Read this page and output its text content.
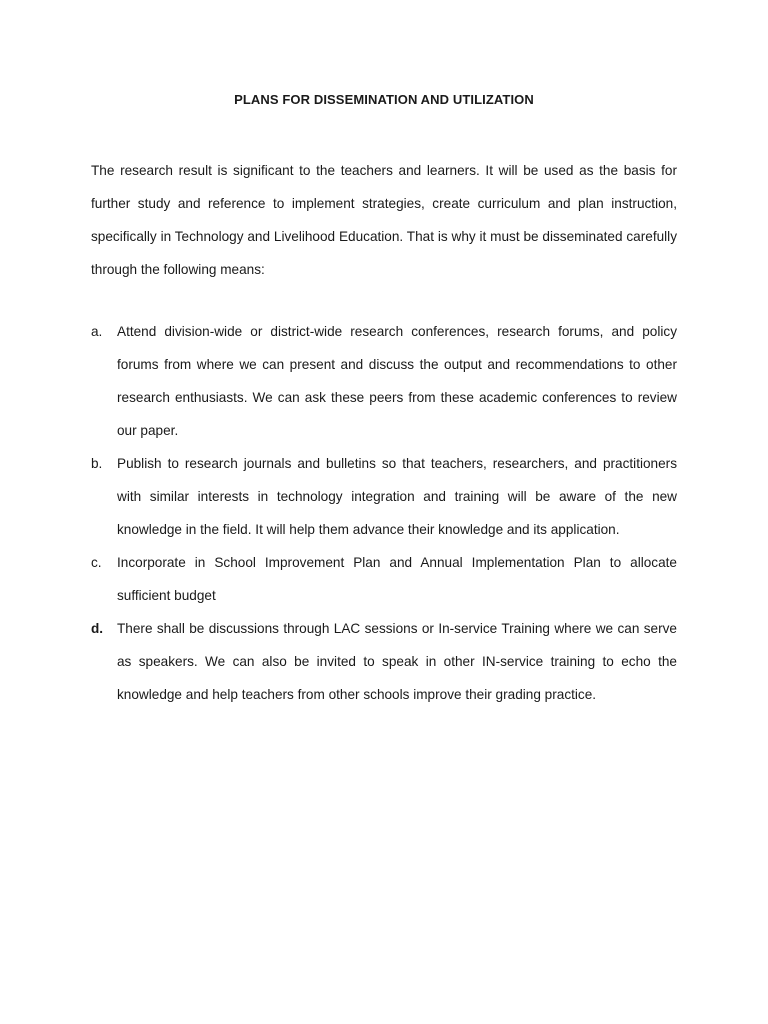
PLANS FOR DISSEMINATION AND UTILIZATION

The research result is significant to the teachers and learners. It will be used as the basis for further study and reference to implement strategies, create curriculum and plan instruction, specifically in Technology and Livelihood Education. That is why it must be disseminated carefully through the following means:

a. Attend division-wide or district-wide research conferences, research forums, and policy forums from where we can present and discuss the output and recommendations to other research enthusiasts. We can ask these peers from these academic conferences to review our paper.
b. Publish to research journals and bulletins so that teachers, researchers, and practitioners with similar interests in technology integration and training will be aware of the new knowledge in the field. It will help them advance their knowledge and its application.
c. Incorporate in School Improvement Plan and Annual Implementation Plan to allocate sufficient budget
d. There shall be discussions through LAC sessions or In-service Training where we can serve as speakers. We can also be invited to speak in other IN-service training to echo the knowledge and help teachers from other schools improve their grading practice.
